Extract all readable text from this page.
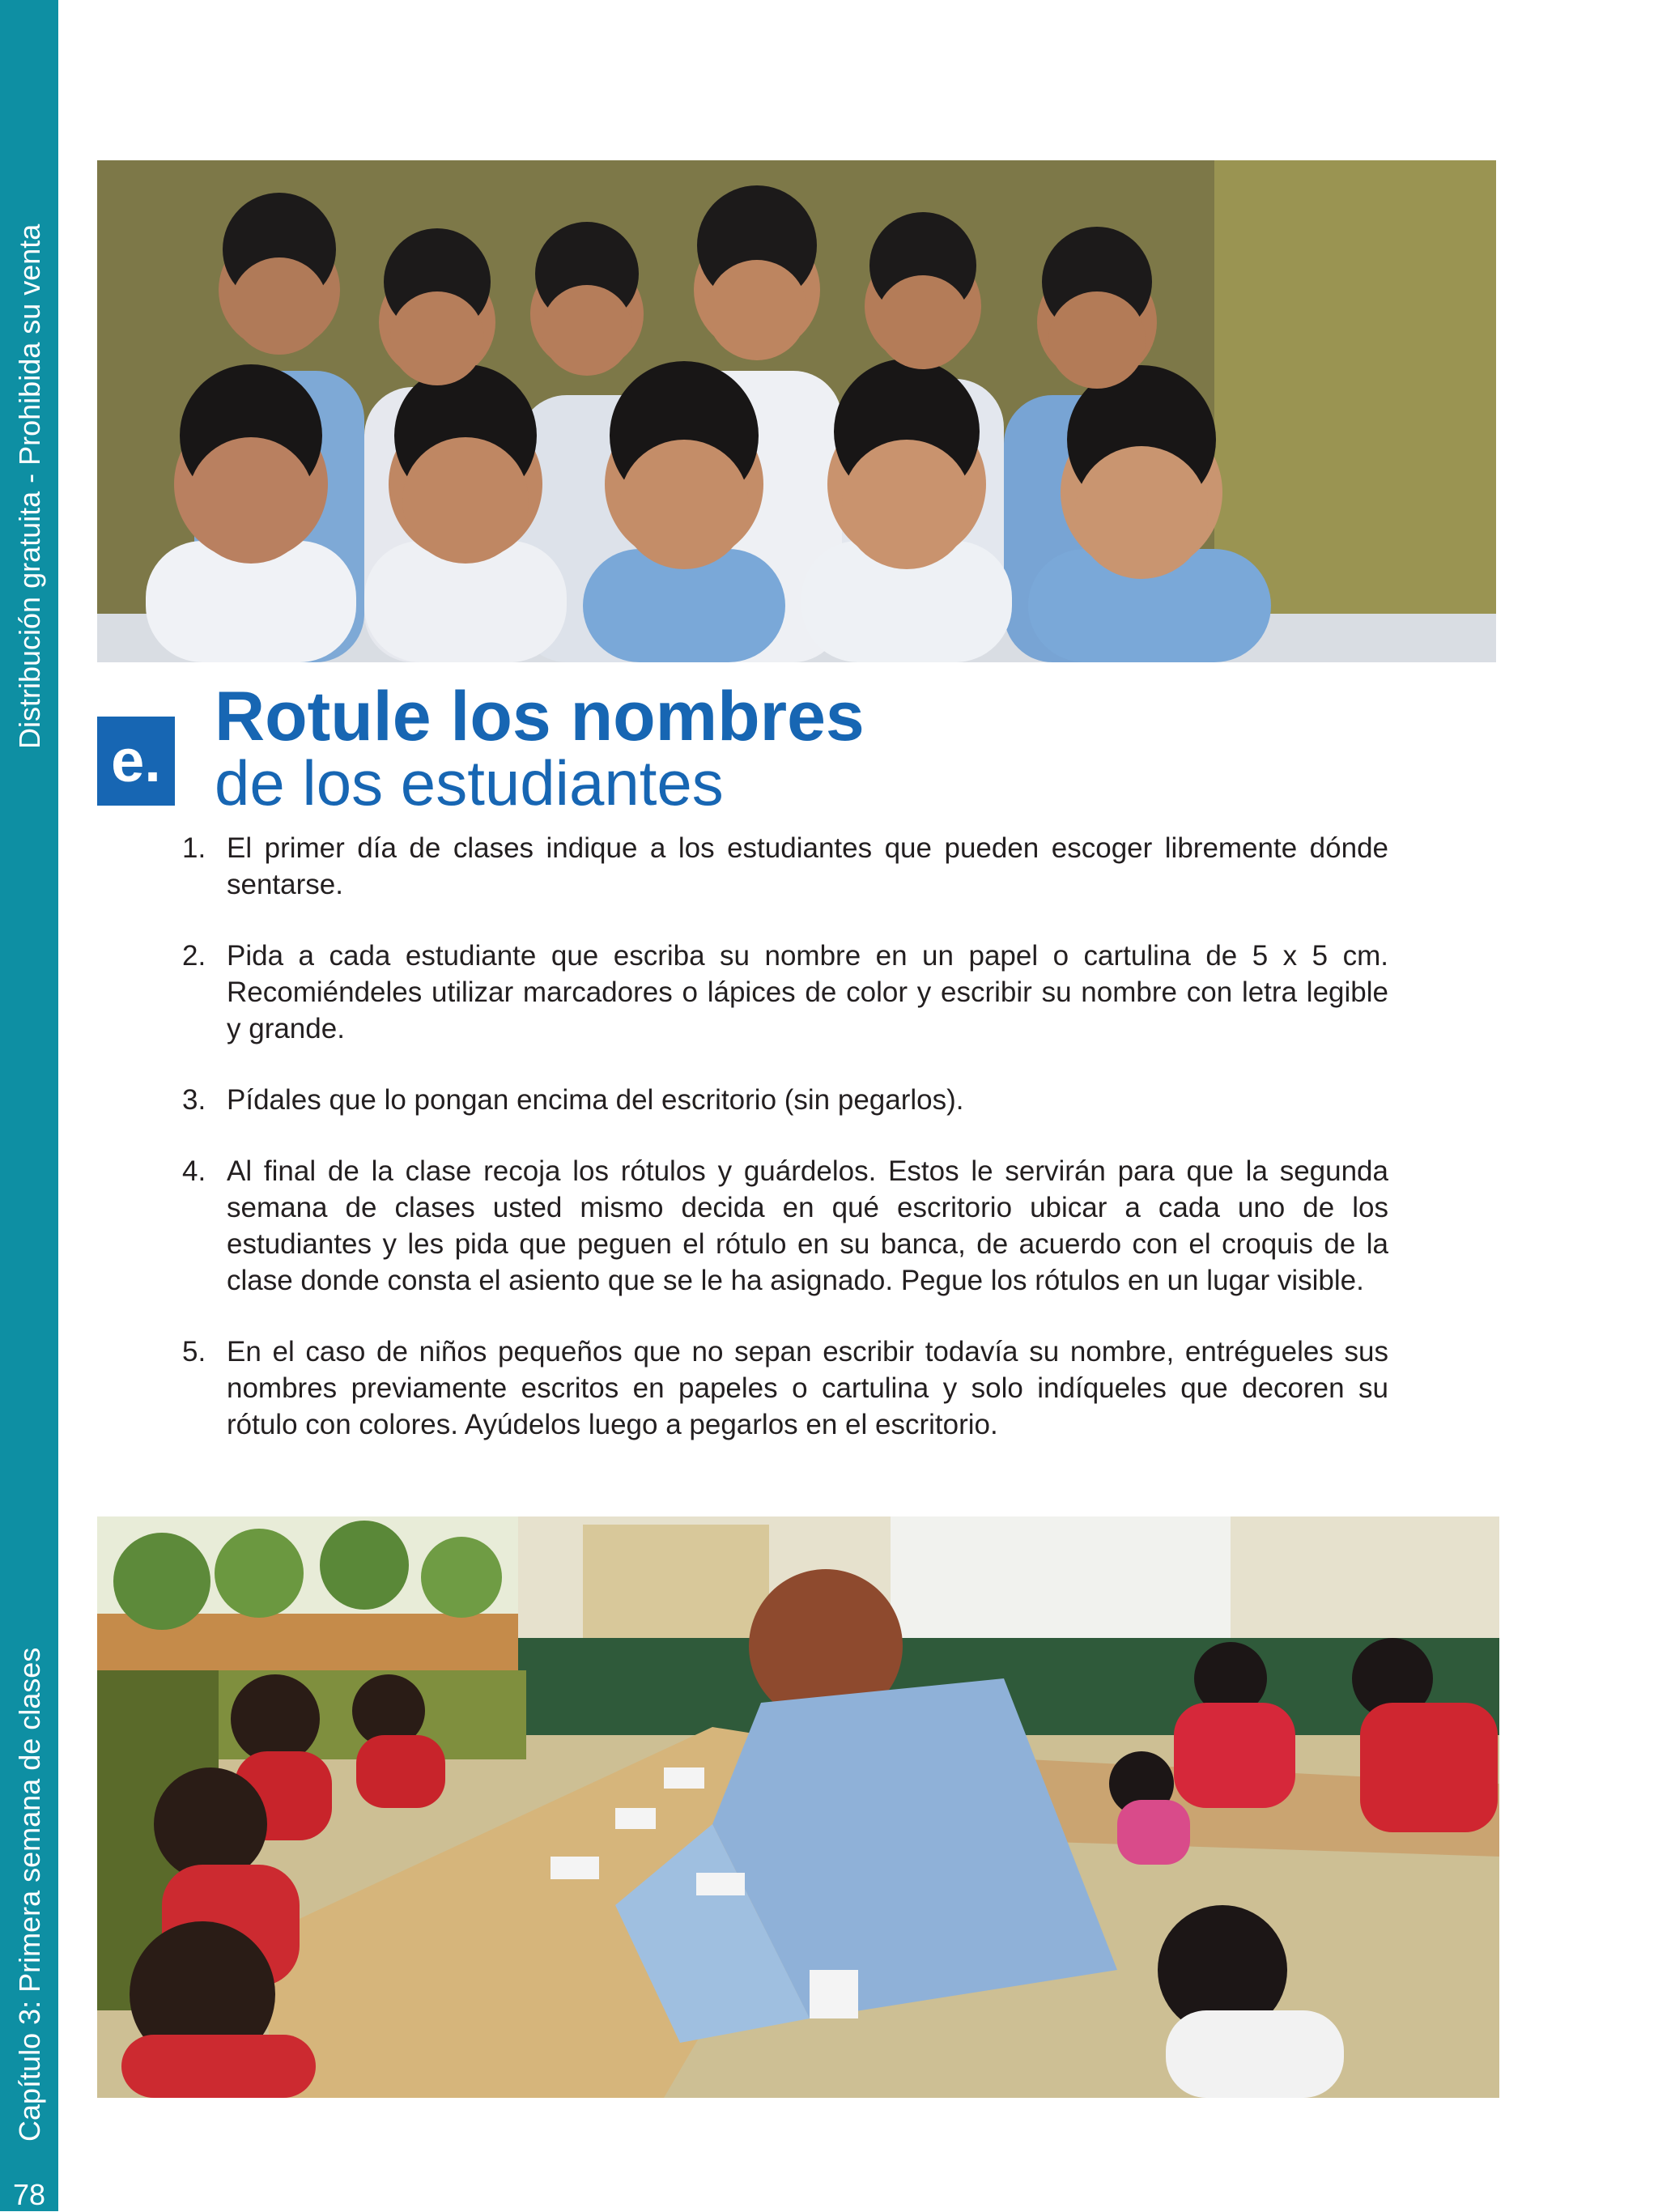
Distribución gratuita - Prohibida su venta
Capítulo 3: Primera semana de clases
78
e.
Rotule los nombres
de los estudiantes
1. El primer día de clases indique a los estudiantes que pueden escoger libremente dónde sentarse.
2. Pida a cada estudiante que escriba su nombre en un papel o cartulina de 5 x 5 cm. Recomiéndeles utilizar marcadores o lápices de color y escribir su nombre con letra legible y grande.
3. Pídales que lo pongan encima del escritorio (sin pegarlos).
4. Al final de la clase recoja los rótulos y guárdelos. Estos le servirán para que la segunda semana de clases usted mismo decida en qué escritorio ubicar a cada uno de los estudiantes y les pida que peguen el rótulo en su banca, de acuerdo con el croquis de la clase donde consta el asiento que se le ha asignado. Pegue los rótulos en un lugar visible.
5. En el caso de niños pequeños que no sepan escribir todavía su nombre, entrégueles sus nombres previamente escritos en papeles o cartulina y solo indíqueles que decoren su rótulo con colores. Ayúdelos luego a pegarlos en el escritorio.
